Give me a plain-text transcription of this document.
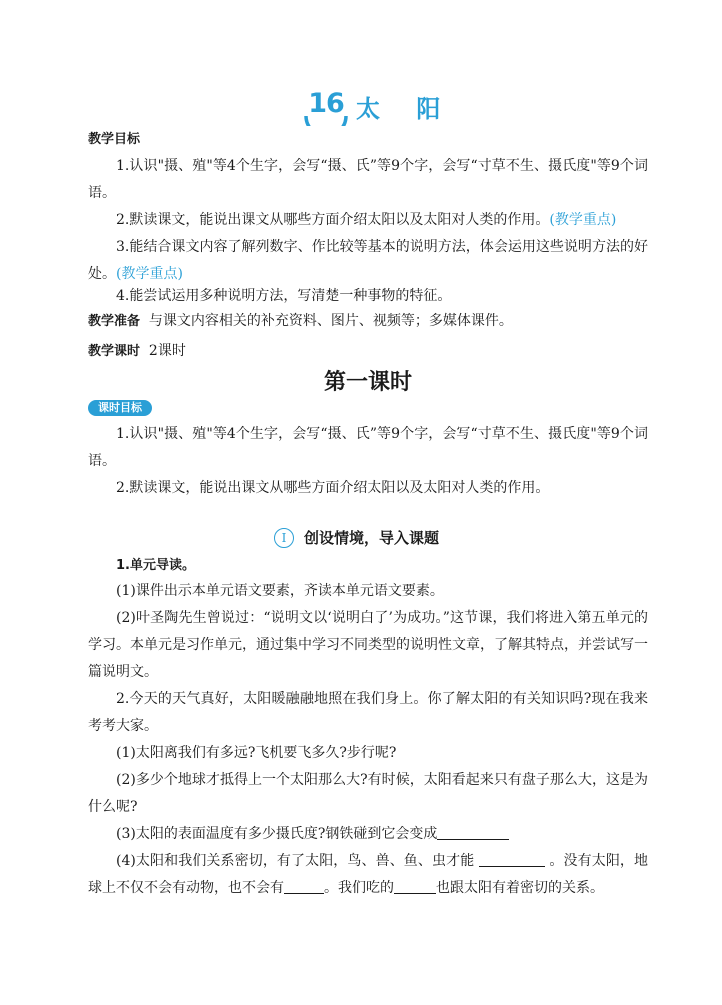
16 太 阳
教学目标
1.认识"摄、殖"等4个生字，会写“摄、氏”等9个字，会写“寸草不生、摄氏度"等9个词语。
2.默读课文，能说出课文从哪些方面介绍太阳以及太阳对人类的作用。(教学重点)
3.能结合课文内容了解列数字、作比较等基本的说明方法，体会运用这些说明方法的好处。(教学重点)
4.能尝试运用多种说明方法，写清楚一种事物的特征。
教学准备 与课文内容相关的补充资料、图片、视频等；多媒体课件。
教学课时 2课时
第一课时
课时目标
1.认识"摄、殖"等4个生字，会写“摄、氏”等9个字，会写“寸草不生、摄氏度"等9个词语。
2.默读课文，能说出课文从哪些方面介绍太阳以及太阳对人类的作用。
I	创设情境，导入课题
1.单元导读。
(1)课件出示本单元语文要素，齐读本单元语文要素。
(2)叶圣陶先生曾说过：“说明文以‘说明白了’为成功。”这节课，我们将进入第五单元的学习。本单元是习作单元，通过集中学习不同类型的说明性文章，了解其特点，并尝试写一篇说明文。
2.今天的天气真好，太阳暖融融地照在我们身上。你了解太阳的有关知识吗?现在我来考考大家。
(1)太阳离我们有多远?飞机要飞多久?步行呢?
(2)多少个地球才抵得上一个太阳那么大?有时候，太阳看起来只有盘子那么大，这是为什么呢?
(3)太阳的表面温度有多少摄氏度?钢铁碰到它会变成
(4)太阳和我们关系密切，有了太阳，鸟、兽、鱼、虫才能	。没有太阳，地球上不仅不会有动物，也不会有	。我们吃的	也跟太阳有着密切的关系。
